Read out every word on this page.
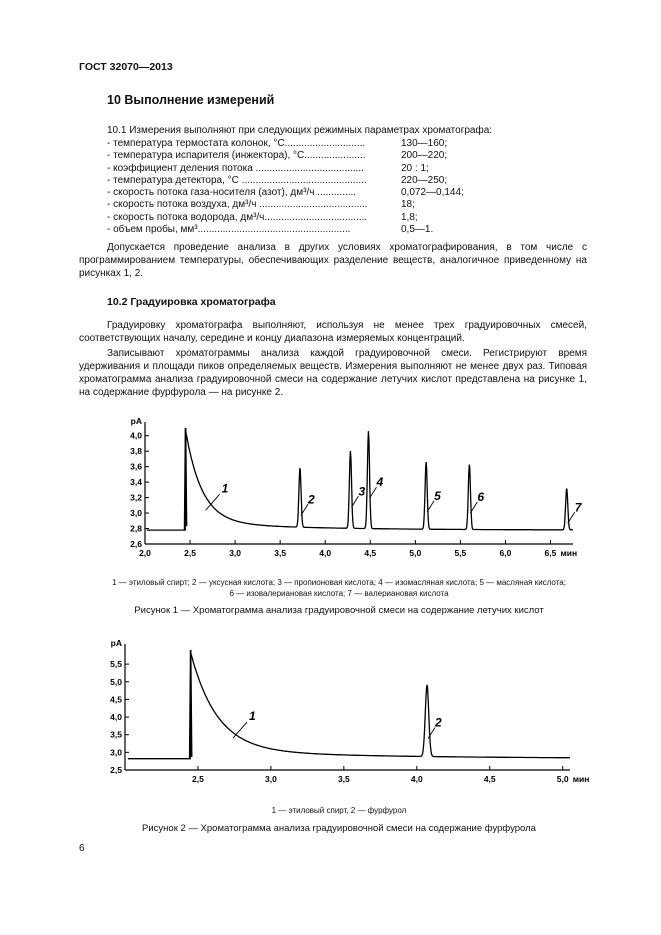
ГОСТ 32070—2013
10 Выполнение измерений
10.1 Измерения выполняют при следующих режимных параметрах хроматографа:
- температура термостата колонок, °С.............................	130—160;
- температура испарителя (инжектора), °С......................	200—220;
- коэффициент деления потока .......................................	20 : 1;
- температура детектора, °С .............................................	220—250;
- скорость потока газа-носителя (азот), дм³/ч ..............	0,072—0,144;
- скорость потока воздуха, дм³/ч .......................................	18;
- скорость потока водорода, дм³/ч.....................................	1,8;
- объем пробы, мм³.......................................................	0,5—1.
Допускается проведение анализа в других условиях хроматографирования, в том числе с программированием температуры, обеспечивающих разделение веществ, аналогичное приведенному на рисунках 1, 2.
10.2 Градуировка хроматографа
Градуировку хроматографа выполняют, используя не менее трех градуировочных смесей, соответствующих началу, середине и концу диапазона измеряемых концентраций.
Записывают хроматограммы анализа каждой градуировочной смеси. Регистрируют время удерживания и площади пиков определяемых веществ. Измерения выполняют не менее двух раз. Типовая хроматограмма анализа градуировочной смеси на содержание летучих кислот представлена на рисунке 1, на содержание фурфурола — на рисунке 2.
2,6
2,8
3,0
3,2
3,4
3,6
3,8
4,0
pA
2,0	2,5	3,0	3,5	4,0	4,5	5,0	5,5	6,0	6,5 мин
1
2
3
4
5	6
7
1 — этиловый спирт; 2 — уксусная кислота; 3 — пропионовая кислота; 4 — изомасляная кислота; 5 — масляная кислота;
6 — изовалериановая кислота; 7 — валериановая кислота
Рисунок 1 — Хроматограмма анализа градуировочной смеси на содержание летучих кислот
2,5
3,0
3,5
4,0
4,5
5,0
5,5
pA
2,5	3,0	3,5	4,0	4,5	5,0 мин
1	2
1 — этиловый спирт, 2 — фурфурол
Рисунок 2 — Хроматограмма анализа градуировочной смеси на содержание фурфурола
6
